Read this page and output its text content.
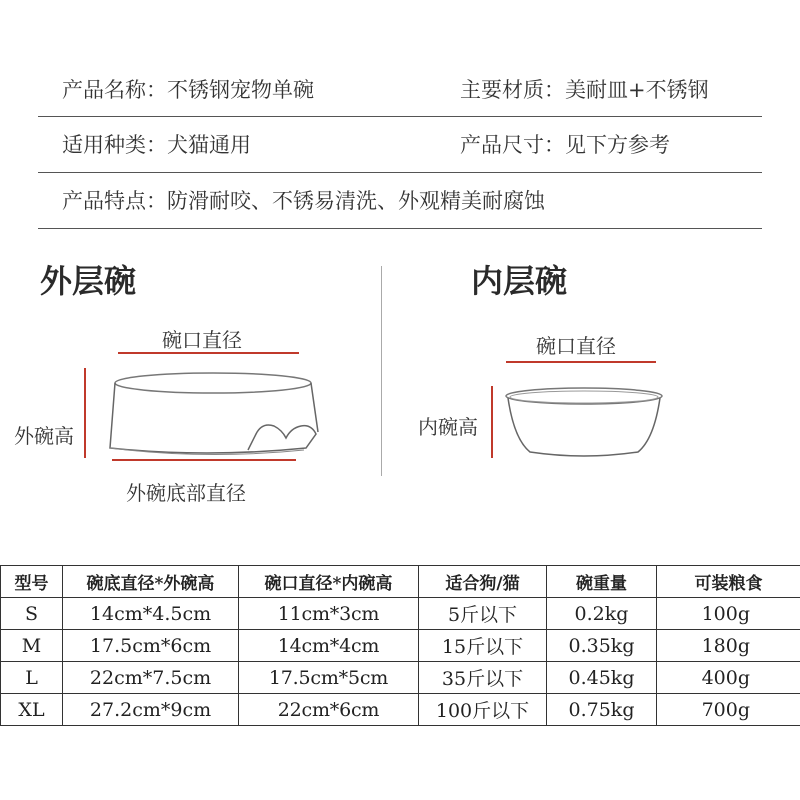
产品名称：不锈钢宠物单碗	主要材质：美耐皿+不锈钢
适用种类：犬猫通用	产品尺寸：见下方参考
产品特点：防滑耐咬、不锈易清洗、外观精美耐腐蚀
外层碗
碗口直径
外碗高
外碗底部直径
内层碗
碗口直径
内碗高
型号	碗底直径*外碗高	碗口直径*内碗高	适合狗/猫	碗重量	可装粮食
S	14cm*4.5cm	11cm*3cm	5斤以下	0.2kg	100g
M	17.5cm*6cm	14cm*4cm	15斤以下	0.35kg	180g
L	22cm*7.5cm	17.5cm*5cm	35斤以下	0.45kg	400g
XL	27.2cm*9cm	22cm*6cm	100斤以下	0.75kg	700g
